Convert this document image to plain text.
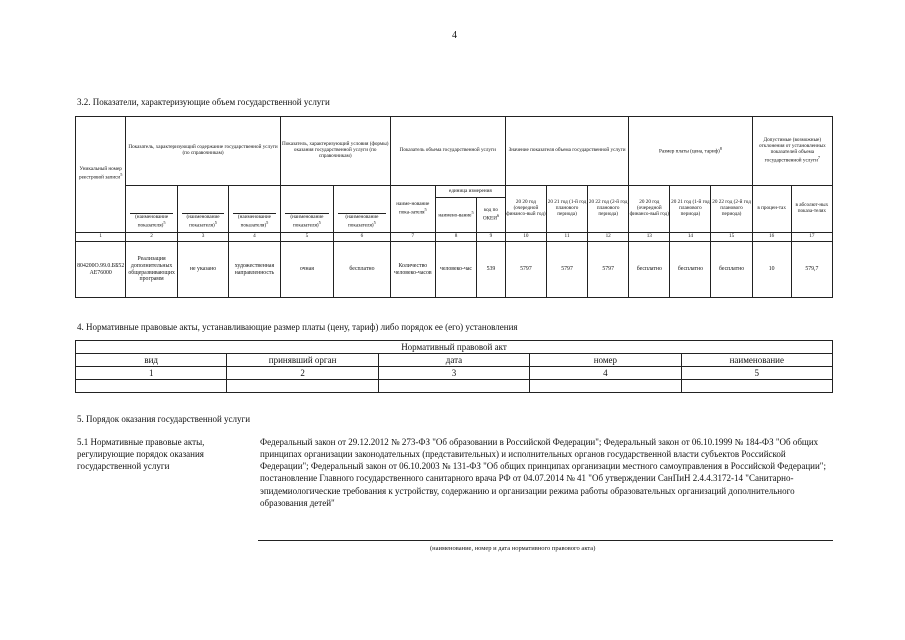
4
3.2. Показатели, характеризующие объем государственной услуги
Уникальный номер реестровой записи$^5$	Показатель, характеризующий содержание государственной услуги (по справочникам)			Показатель, характеризующий условия (формы) оказания государственной услуги (по справочникам)		Показатель объема государственной услуги			Значение показателя объема государственной услуги			Размер платы (цена, тариф)$^8$			Допустимые (возможные) отклонения от установленных показателей объема государственной услуги$^7$

	(наименование показателя)$^5$	(наименование показателя)$^5$	(наименование показателя)$^5$	(наименование показателя)$^5$	(наименование показателя)$^5$	наиме-нование пока-зателя$^5$	единица измерения		20 20 год (очередной финансо-вый год)	20 21 год (1-й год планового периода)	20 22 год (2-й год планового периода)	20 20 год (очередной финансо-вый год)	20 21 год (1-й год планового периода)	20 22 год (2-й год планового периода)	в процен-тах	в абсолют-ных показа-телях
							наимено-вание$^5$	код по ОКЕИ$^6$
1	2	3	4	5	6	7	8	9	10	11	12	13	14	15	16	17
804200О.99.0.ББ52АЕ76000	Реализация дополнительных общеразвивающих программ	не указано	художественная направленность	очная	бесплатно	Количество человеко-часов	человеко-час	539	5797	5797	5797	бесплатно	бесплатно	бесплатно	10	579,7
4. Нормативные правовые акты, устанавливающие размер платы (цену, тариф) либо порядок ее (его) установления
Нормативный правовой акт				
вид	принявший орган	дата	номер	наименование
1	2	3	4	5

5. Порядок оказания государственной услуги
5.1 Нормативные правовые акты, регулирующие порядок оказания государственной услуги
Федеральный закон от 29.12.2012 № 273-ФЗ "Об образовании в Российской Федерации"; Федеральный закон от 06.10.1999 № 184-ФЗ "Об общих принципах организации законодательных (представительных) и исполнительных органов государственной власти субъектов Российской Федерации"; Федеральный закон от 06.10.2003 № 131-ФЗ "Об общих принципах организации местного самоуправления в Российской Федерации"; постановление Главного государственного санитарного врача РФ от 04.07.2014 № 41 "Об утверждении СанПиН 2.4.4.3172-14 "Санитарно-эпидемиологические требования к устройству, содержанию и организации режима работы образовательных организаций дополнительного образования детей"
(наименование, номер и дата нормативного правового акта)
